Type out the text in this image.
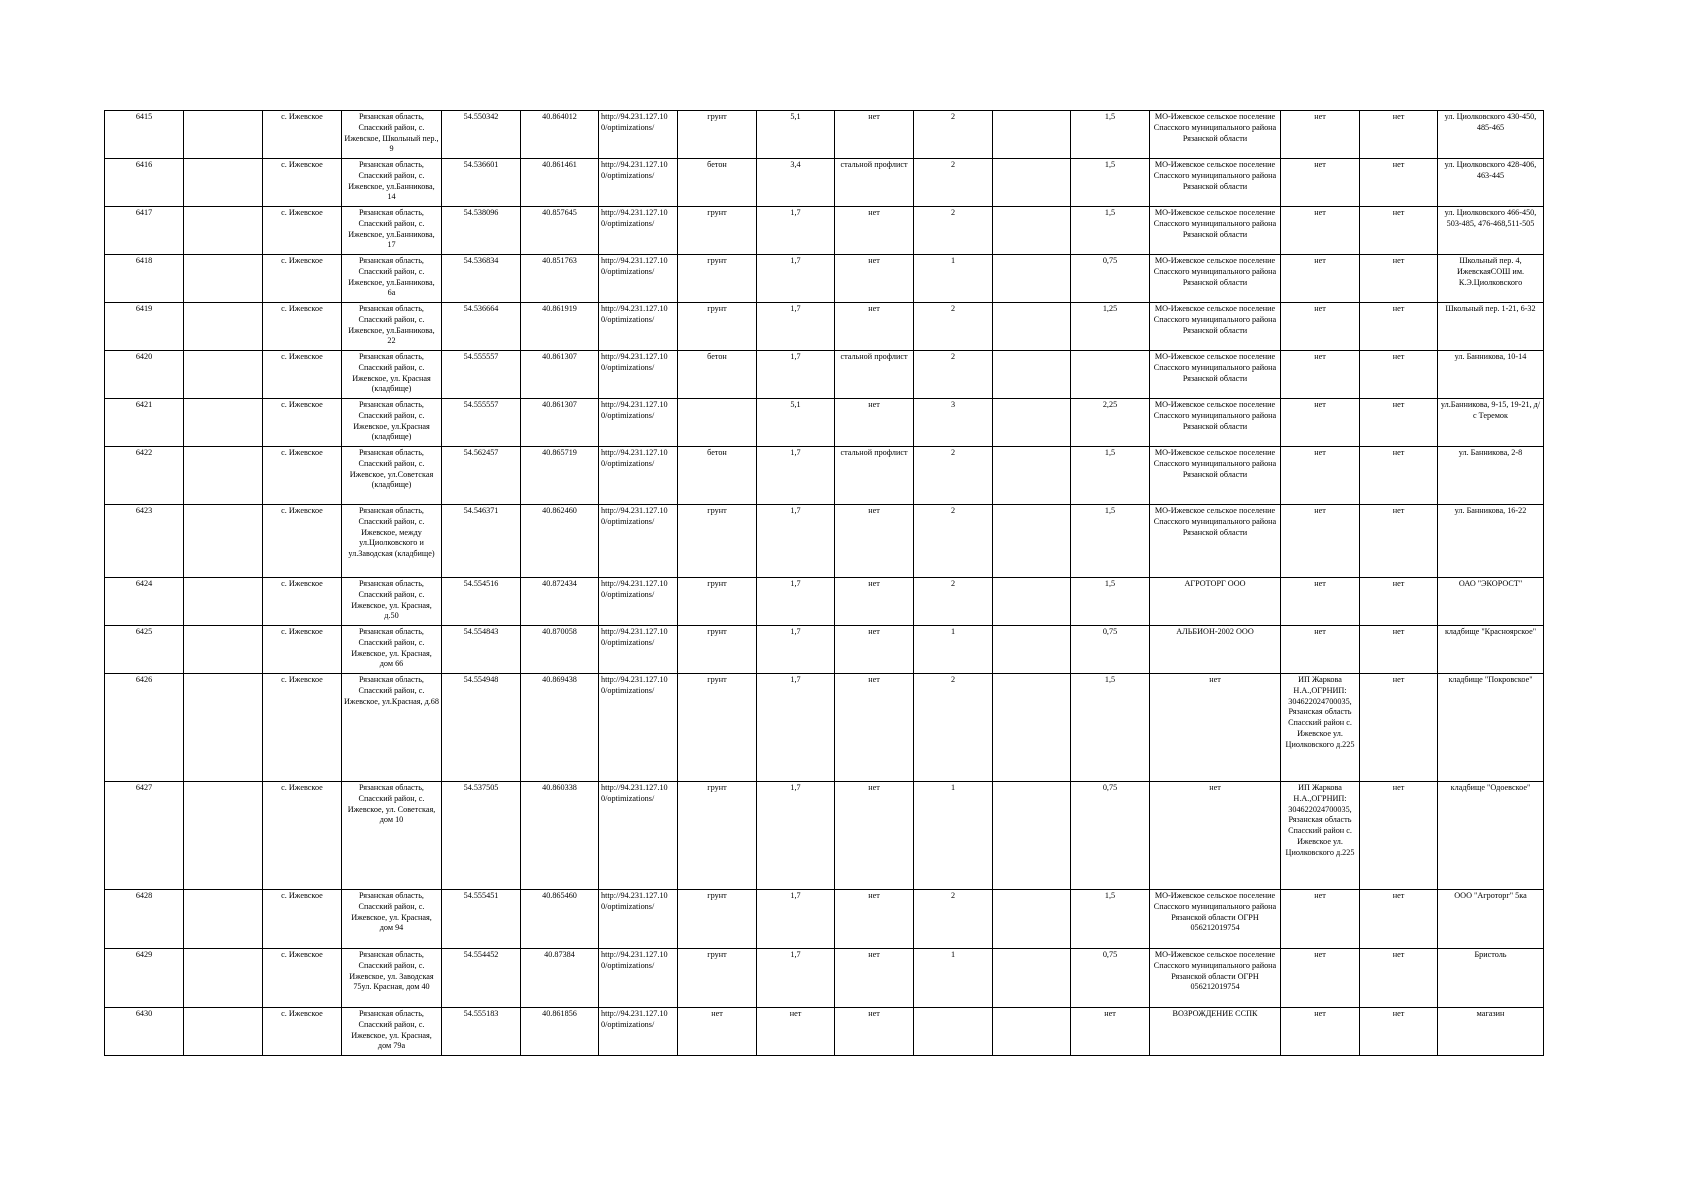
6415		с. Ижевское	Рязанская область, Спасский район, с. Ижевское, Школьный пер., 9	54.550342	40.864012	http://94.231.127.10 0/optimizations/	грунт	5,1	нет	2		1,5	МО-Ижевское сельское поселение Спасского муниципального района Рязанской области	нет	нет	ул. Циолковского 430-450, 485-465
6416		с. Ижевское	Рязанская область, Спасский район, с. Ижевское, ул.Банникова, 14	54.536601	40.861461	http://94.231.127.10 0/optimizations/	бетон	3,4	стальной профлист	2		1,5	МО-Ижевское сельское поселение Спасского муниципального района Рязанской области	нет	нет	ул. Циолковского 428-406, 463-445
6417		с. Ижевское	Рязанская область, Спасский район, с. Ижевское, ул.Банникова, 17	54.538096	40.857645	http://94.231.127.10 0/optimizations/	грунт	1,7	нет	2		1,5	МО-Ижевское сельское поселение Спасского муниципального района Рязанской области	нет	нет	ул. Циолковского 466-450, 503-485, 476-468,511-505
6418		с. Ижевское	Рязанская область, Спасский район, с. Ижевское, ул.Банникова, 6а	54.536834	40.851763	http://94.231.127.10 0/optimizations/	грунт	1,7	нет	1		0,75	МО-Ижевское сельское поселение Спасского муниципального района Рязанской области	нет	нет	Школьный пер. 4, ИжевскаяСОШ им. К.Э.Циолковского
6419		с. Ижевское	Рязанская область, Спасский район, с. Ижевское, ул.Банникова, 22	54.536664	40.861919	http://94.231.127.10 0/optimizations/	грунт	1,7	нет	2		1,25	МО-Ижевское сельское поселение Спасского муниципального района Рязанской области	нет	нет	Школьный пер. 1-21, 6-32
6420		с. Ижевское	Рязанская область, Спасский район, с. Ижевское, ул. Красная (кладбище)	54.555557	40.861307	http://94.231.127.10 0/optimizations/	бетон	1,7	стальной профлист	2			МО-Ижевское сельское поселение Спасского муниципального района Рязанской области	нет	нет	ул. Банникова, 10-14
6421		с. Ижевское	Рязанская область, Спасский район, с. Ижевское, ул.Красная (кладбище)	54.555557	40.861307	http://94.231.127.10 0/optimizations/		5,1	нет	3		2,25	МО-Ижевское сельское поселение Спасского муниципального района Рязанской области	нет	нет	ул.Банникова, 9-15, 19-21, д/с Теремок
6422		с. Ижевское	Рязанская область, Спасский район, с. Ижевское, ул.Советская (кладбище)	54.562457	40.865719	http://94.231.127.10 0/optimizations/	бетон	1,7	стальной профлист	2		1,5	МО-Ижевское сельское поселение Спасского муниципального района Рязанской области	нет	нет	ул. Банникова, 2-8
6423		с. Ижевское	Рязанская область, Спасский район, с. Ижевское, между ул.Циолковского и ул.Заводская (кладбище)	54.546371	40.862460	http://94.231.127.10 0/optimizations/	грунт	1,7	нет	2		1,5	МО-Ижевское сельское поселение Спасского муниципального района Рязанской области	нет	нет	ул. Банникова, 16-22
6424		с. Ижевское	Рязанская область, Спасский район, с. Ижевское, ул. Красная, д.50	54.554516	40.872434	http://94.231.127.10 0/optimizations/	грунт	1,7	нет	2		1,5	АГРОТОРГ ООО	нет	нет	ОАО "ЭКОРОСТ"
6425		с. Ижевское	Рязанская область, Спасский район, с. Ижевское, ул. Красная, дом 66	54.554843	40.870058	http://94.231.127.10 0/optimizations/	грунт	1,7	нет	1		0,75	АЛЬБИОН-2002 ООО	нет	нет	кладбище "Красноярское"
6426		с. Ижевское	Рязанская область, Спасский район, с. Ижевское, ул.Красная, д.68	54.554948	40.869438	http://94.231.127.10 0/optimizations/	грунт	1,7	нет	2		1,5	нет	ИП Жаркова Н.А.,ОГРНИП: 304622024700035, Рязанская область Спасский район с. Ижевское ул. Циолковского д.225	нет	кладбище "Покровское"
6427		с. Ижевское	Рязанская область, Спасский район, с. Ижевское, ул. Советская, дом 10	54.537505	40.860338	http://94.231.127.10 0/optimizations/	грунт	1,7	нет	1		0,75	нет	ИП Жаркова Н.А.,ОГРНИП: 304622024700035, Рязанская область Спасский район с. Ижевское ул. Циолковского д.225	нет	кладбище "Одоевское"
6428		с. Ижевское	Рязанская область, Спасский район, с. Ижевское, ул. Красная, дом 94	54.555451	40.865460	http://94.231.127.10 0/optimizations/	грунт	1,7	нет	2		1,5	МО-Ижевское сельское поселение Спасского муниципального района Рязанской области ОГРН 056212019754	нет	нет	ООО "Агроторг" 5ка
6429		с. Ижевское	Рязанская область, Спасский район, с. Ижевское, ул. Заводская 75ул. Красная, дом 40	54.554452	40.87384	http://94.231.127.10 0/optimizations/	грунт	1,7	нет	1		0,75	МО-Ижевское сельское поселение Спасского муниципального района Рязанской области ОГРН 056212019754	нет	нет	Бристоль
6430		с. Ижевское	Рязанская область, Спасский район, с. Ижевское, ул. Красная, дом 79а	54.555183	40.861856	http://94.231.127.10 0/optimizations/	нет	нет	нет			нет	ВОЗРОЖДЕНИЕ ССПК	нет	нет	магазин
